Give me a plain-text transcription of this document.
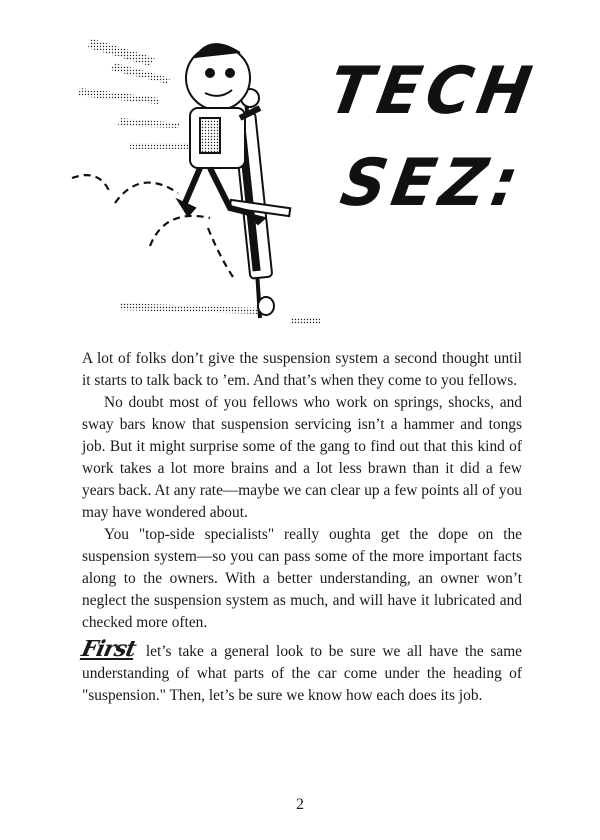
TECH
SEZ:

A lot of folks don’t give the suspension system a second thought until it starts to talk back to ’em. And that’s when they come to you fellows.

No doubt most of you fellows who work on springs, shocks, and sway bars know that suspension servicing isn’t a hammer and tongs job. But it might surprise some of the gang to find out that this kind of work takes a lot more brains and a lot less brawn than it did a few years back. At any rate—maybe we can clear up a few points all of you may have wondered about.

You "top-side specialists" really oughta get the dope on the suspension system—so you can pass some of the more important facts along to the owners. With a better understanding, an owner won’t neglect the suspension system as much, and will have it lubricated and checked more often.

First let’s take a general look to be sure we all have the same understanding of what parts of the car come under the heading of "suspension." Then, let’s be sure we know how each does its job.

2
